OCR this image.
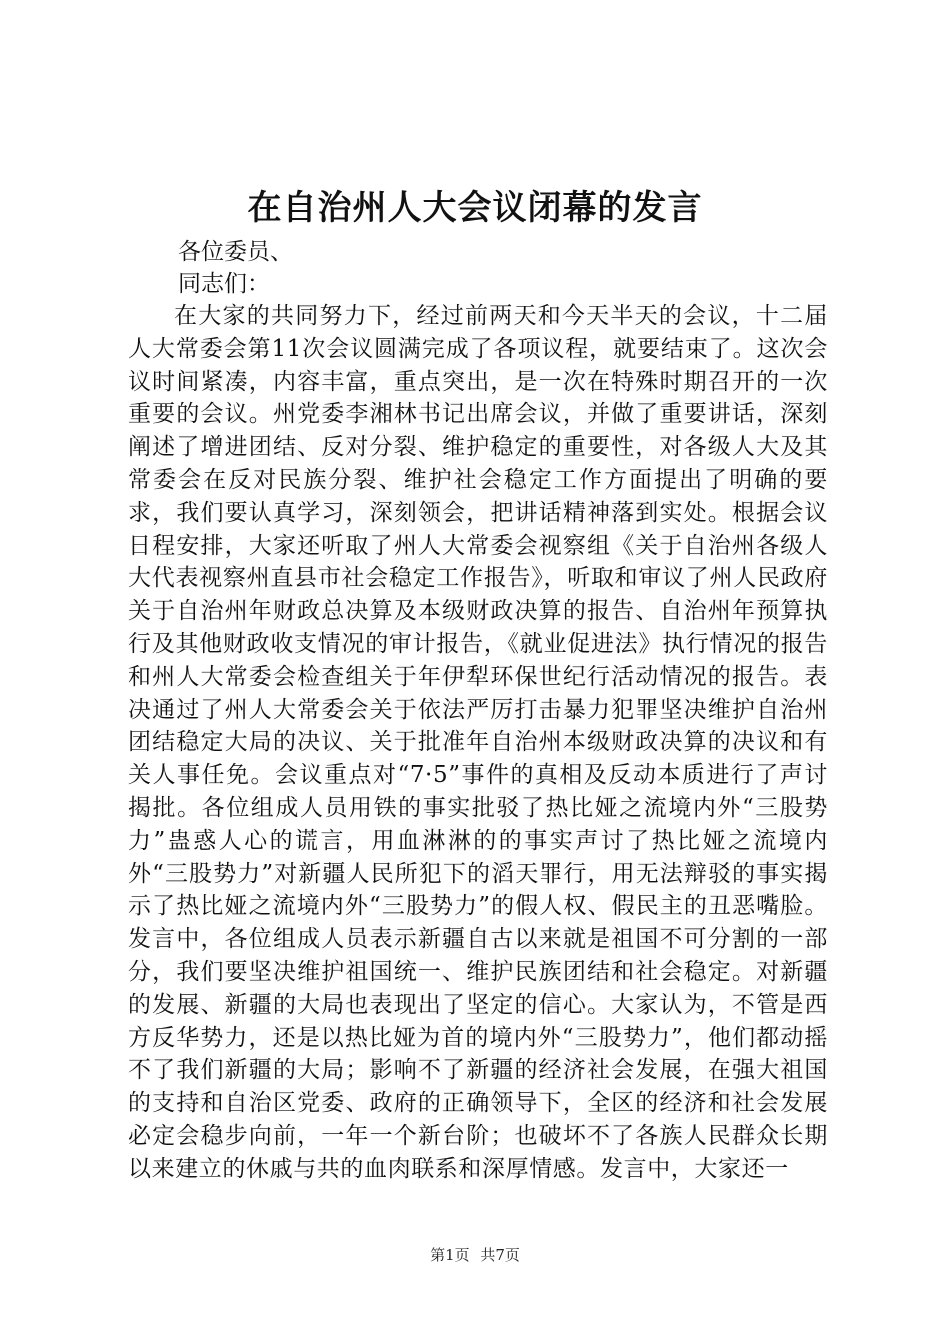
在自治州人大会议闭幕的发言

各位委员、

同志们：

在大家的共同努力下，经过前两天和今天半天的会议，十二届人大常委会第11次会议圆满完成了各项议程，就要结束了。这次会议时间紧凑，内容丰富，重点突出，是一次在特殊时期召开的一次重要的会议。州党委李湘林书记出席会议，并做了重要讲话，深刻阐述了增进团结、反对分裂、维护稳定的重要性，对各级人大及其常委会在反对民族分裂、维护社会稳定工作方面提出了明确的要求，我们要认真学习，深刻领会，把讲话精神落到实处。根据会议日程安排，大家还听取了州人大常委会视察组《关于自治州各级人大代表视察州直县市社会稳定工作报告》，听取和审议了州人民政府关于自治州年财政总决算及本级财政决算的报告、自治州年预算执行及其他财政收支情况的审计报告，《就业促进法》执行情况的报告和州人大常委会检查组关于年伊犁环保世纪行活动情况的报告。表决通过了州人大常委会关于依法严厉打击暴力犯罪坚决维护自治州团结稳定大局的决议、关于批准年自治州本级财政决算的决议和有关人事任免。会议重点对“7·5”事件的真相及反动本质进行了声讨揭批。各位组成人员用铁的事实批驳了热比娅之流境内外“三股势力”蛊惑人心的谎言，用血淋淋的的事实声讨了热比娅之流境内外“三股势力”对新疆人民所犯下的滔天罪行，用无法辩驳的事实揭示了热比娅之流境内外“三股势力”的假人权、假民主的丑恶嘴脸。发言中，各位组成人员表示新疆自古以来就是祖国不可分割的一部分，我们要坚决维护祖国统一、维护民族团结和社会稳定。对新疆的发展、新疆的大局也表现出了坚定的信心。大家认为，不管是西方反华势力，还是以热比娅为首的境内外“三股势力”，他们都动摇不了我们新疆的大局；影响不了新疆的经济社会发展，在强大祖国的支持和自治区党委、政府的正确领导下，全区的经济和社会发展必定会稳步向前，一年一个新台阶；也破坏不了各族人民群众长期以来建立的休戚与共的血肉联系和深厚情感。发言中，大家还一

第1页 共7页
